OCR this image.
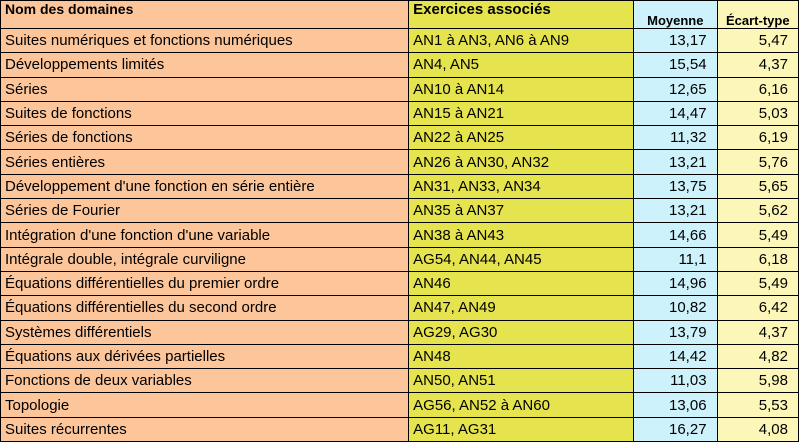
Nom des domaines	Exercices associés	Moyenne	Écart-type
Suites numériques et fonctions numériques	AN1 à AN3, AN6 à AN9	13,17	5,47
Développements limités	AN4, AN5	15,54	4,37
Séries	AN10 à AN14	12,65	6,16
Suites de fonctions	AN15 à AN21	14,47	5,03
Séries de fonctions	AN22 à AN25	11,32	6,19
Séries entières	AN26 à AN30, AN32	13,21	5,76
Développement d'une fonction en série entière	AN31, AN33, AN34	13,75	5,65
Séries de Fourier	AN35 à AN37	13,21	5,62
Intégration d'une fonction d'une variable	AN38 à AN43	14,66	5,49
Intégrale double, intégrale curviligne	AG54, AN44, AN45	11,1	6,18
Équations différentielles du premier ordre	AN46	14,96	5,49
Équations différentielles du second ordre	AN47, AN49	10,82	6,42
Systèmes différentiels	AG29, AG30	13,79	4,37
Équations aux dérivées partielles	AN48	14,42	4,82
Fonctions de deux variables	AN50, AN51	11,03	5,98
Topologie	AG56, AN52 à AN60	13,06	5,53
Suites récurrentes	AG11, AG31	16,27	4,08
